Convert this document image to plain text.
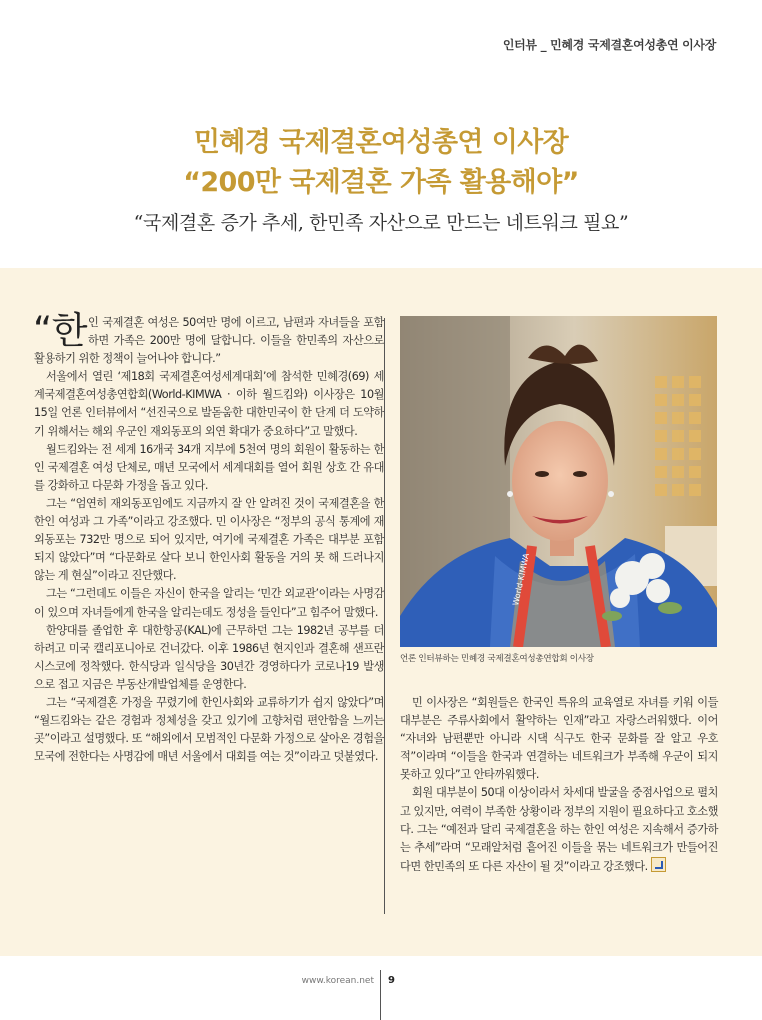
인터뷰 _ 민혜경 국제결혼여성총연 이사장
민혜경 국제결혼여성총연 이사장
“200만 국제결혼 가족 활용해야”
“국제결혼 증가 추세, 한민족 자산으로 만드는 네트워크 필요”

“한인 국제결혼 여성은 50여만 명에 이르고, 남편과 자녀들을 포함하면 가족은 200만 명에 달합니다. 이들을 한민족의 자산으로 활용하기 위한 정책이 늘어나야 합니다.”

서울에서 열린 ‘제18회 국제결혼여성세계대회’에 참석한 민혜경(69) 세계국제결혼여성총연합회(World-KIMWA · 이하 월드킴와) 이사장은 10월 15일 언론 인터뷰에서 “선진국으로 발돋움한 대한민국이 한 단계 더 도약하기 위해서는 해외 우군인 재외동포의 외연 확대가 중요하다”고 말했다.

월드킴와는 전 세계 16개국 34개 지부에 5천여 명의 회원이 활동하는 한인 국제결혼 여성 단체로, 매년 모국에서 세계대회를 열어 회원 상호 간 유대를 강화하고 다문화 가정을 돕고 있다.

그는 “엄연히 재외동포임에도 지금까지 잘 안 알려진 것이 국제결혼을 한 한인 여성과 그 가족”이라고 강조했다. 민 이사장은 “정부의 공식 통계에 재외동포는 732만 명으로 되어 있지만, 여기에 국제결혼 가족은 대부분 포함되지 않았다”며 “다문화로 살다 보니 한인사회 활동을 거의 못 해 드러나지 않는 게 현실”이라고 진단했다.

그는 “그런데도 이들은 자신이 한국을 알리는 ‘민간 외교관’이라는 사명감이 있으며 자녀들에게 한국을 알리는데도 정성을 들인다”고 힘주어 말했다.

한양대를 졸업한 후 대한항공(KAL)에 근무하던 그는 1982년 공부를 더 하려고 미국 캘리포니아로 건너갔다. 이후 1986년 현지인과 결혼해 샌프란시스코에 정착했다. 한식당과 일식당을 30년간 경영하다가 코로나19 발생으로 접고 지금은 부동산개발업체를 운영한다.

그는 “국제결혼 가정을 꾸렸기에 한인사회와 교류하기가 쉽지 않았다”며 “월드킴와는 같은 경험과 정체성을 갖고 있기에 고향처럼 편안함을 느끼는 곳”이라고 설명했다. 또 “해외에서 모범적인 다문화 가정으로 살아온 경험을 모국에 전한다는 사명감에 매년 서울에서 대회를 여는 것”이라고 덧붙였다.

World-KIMWA
언론 인터뷰하는 민혜경 국제결혼여성총연합회 이사장

민 이사장은 “회원들은 한국인 특유의 교육열로 자녀를 키워 이들 대부분은 주류사회에서 활약하는 인재”라고 자랑스러워했다. 이어 “자녀와 남편뿐만 아니라 시댁 식구도 한국 문화를 잘 알고 우호적”이라며 “이들을 한국과 연결하는 네트워크가 부족해 우군이 되지 못하고 있다”고 안타까워했다.

회원 대부분이 50대 이상이라서 차세대 발굴을 중점사업으로 펼치고 있지만, 여력이 부족한 상황이라 정부의 지원이 필요하다고 호소했다. 그는 “예전과 달리 국제결혼을 하는 한인 여성은 지속해서 증가하는 추세”라며 “모래알처럼 흩어진 이들을 묶는 네트워크가 만들어진다면 한민족의 또 다른 자산이 될 것”이라고 강조했다.

www.korean.net 9
